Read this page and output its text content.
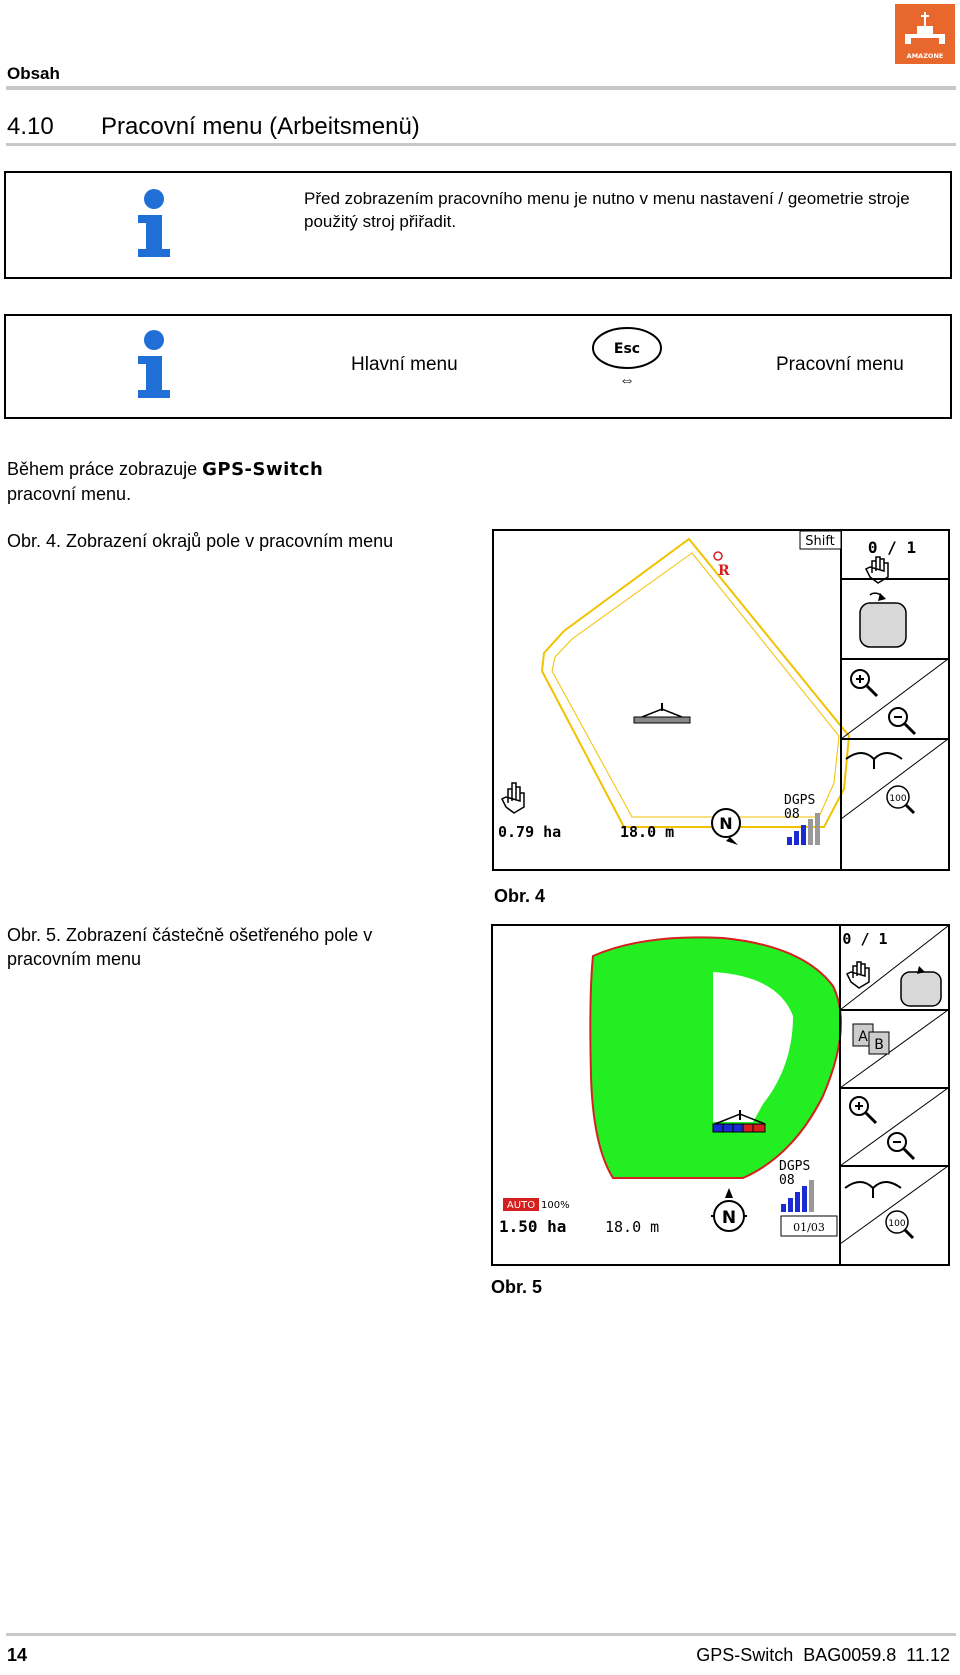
Obsah
AMAZONE
4.10 Pracovní menu (Arbeitsmenü)
Před zobrazením pracovního menu je nutno v menu nastavení / geometrie stroje použitý stroj přiřadit.
Hlavní menu
Esc
⇔
Pracovní menu
Během práce zobrazuje GPS-Switch
pracovní menu.
Obr. 4. Zobrazení okrajů pole v pracovním menu
R
Shift 0 / 1
100
0.79 ha	18.0 m	N
DGPS
08
Obr. 4
Obr. 5. Zobrazení částečně ošetřeného pole v pracovním menu
0 / 1
A B
100
AUTO 100%
1.50 ha	18.0 m	N
DGPS
08
01/03
Obr. 5
14	GPS-Switch  BAG0059.8  11.12
